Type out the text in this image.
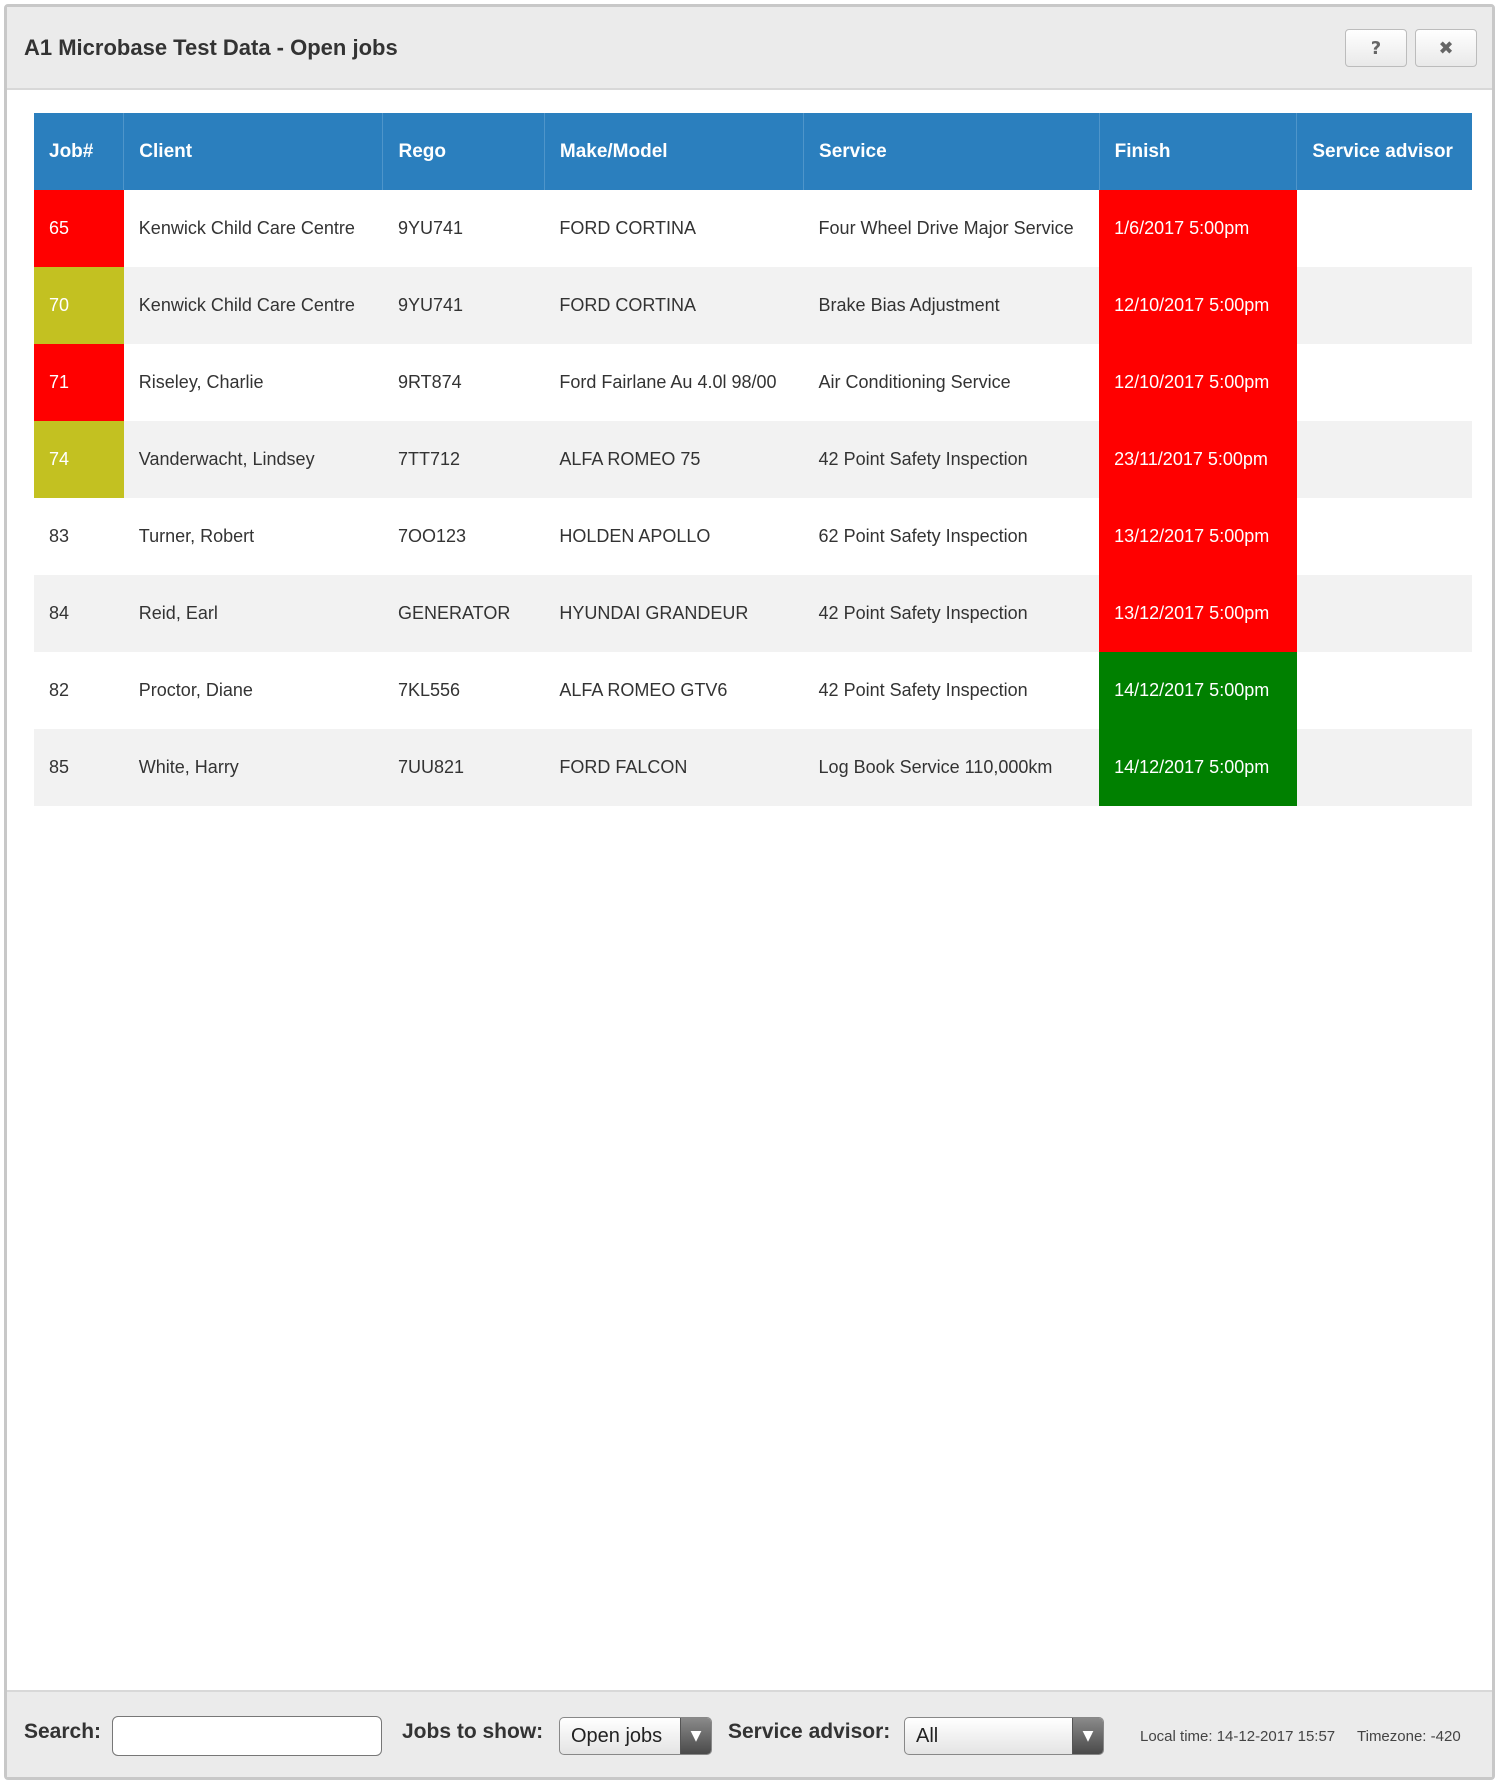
A1 Microbase Test Data - Open jobs	?	✖
Job#	Client	Rego	Make/Model	Service	Finish	Service advisor
65	Kenwick Child Care Centre	9YU741	FORD CORTINA	Four Wheel Drive Major Service	1/6/2017 5:00pm	
70	Kenwick Child Care Centre	9YU741	FORD CORTINA	Brake Bias Adjustment	12/10/2017 5:00pm	
71	Riseley, Charlie	9RT874	Ford Fairlane Au 4.0l 98/00	Air Conditioning Service	12/10/2017 5:00pm	
74	Vanderwacht, Lindsey	7TT712	ALFA ROMEO 75	42 Point Safety Inspection	23/11/2017 5:00pm	
83	Turner, Robert	7OO123	HOLDEN APOLLO	62 Point Safety Inspection	13/12/2017 5:00pm	
84	Reid, Earl	GENERATOR	HYUNDAI GRANDEUR	42 Point Safety Inspection	13/12/2017 5:00pm	
82	Proctor, Diane	7KL556	ALFA ROMEO GTV6	42 Point Safety Inspection	14/12/2017 5:00pm	
85	White, Harry	7UU821	FORD FALCON	Log Book Service 110,000km	14/12/2017 5:00pm	
Search:	Jobs to show: Open jobs	▼	Service advisor: All	▼	Local time: 14-12-2017 15:57 Timezone: -420
